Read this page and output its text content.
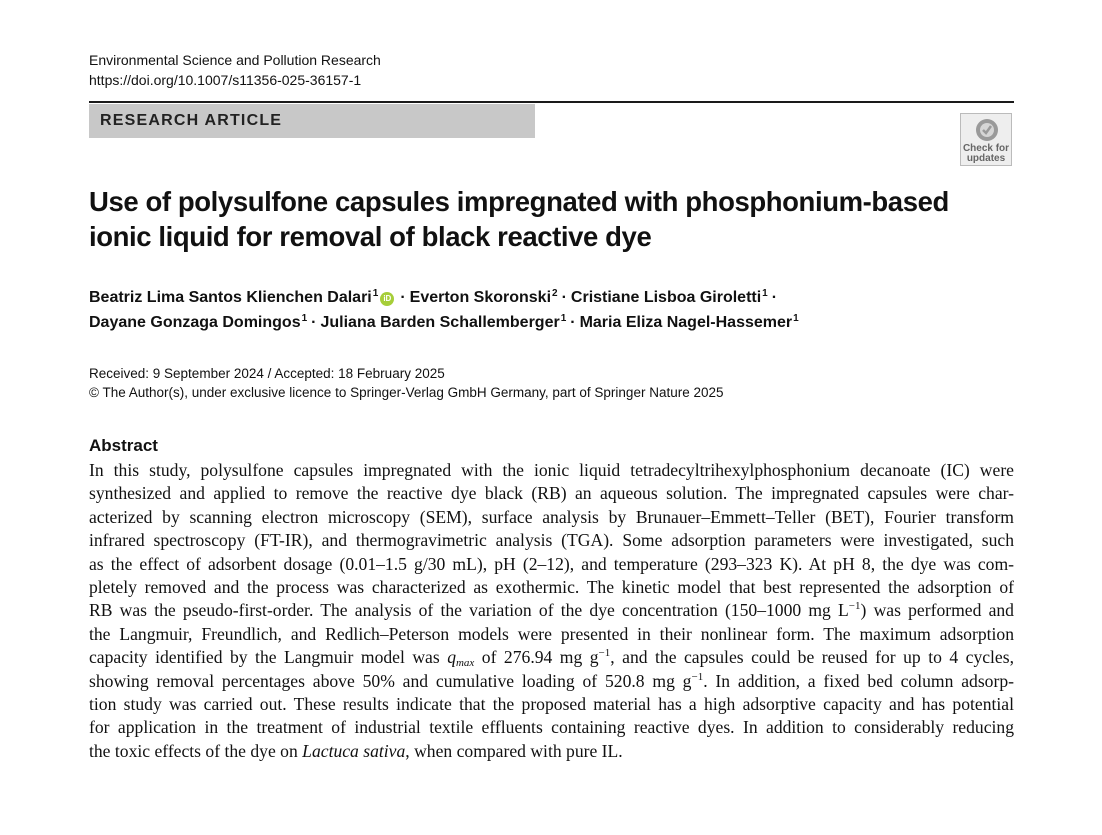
Environmental Science and Pollution Research
https://doi.org/10.1007/s11356-025-36157-1
RESEARCH ARTICLE
Check for
updates
Use of polysulfone capsules impregnated with phosphonium-based
ionic liquid for removal of black reactive dye
Beatriz Lima Santos Klienchen Dalari$^1$ iD · Everton Skoronski$^2$ · Cristiane Lisboa Giroletti$^1$ ·
Dayane Gonzaga Domingos$^1$ · Juliana Barden Schallemberger$^1$ · Maria Eliza Nagel-Hassemer$^1$
Received: 9 September 2024 / Accepted: 18 February 2025
© The Author(s), under exclusive licence to Springer-Verlag GmbH Germany, part of Springer Nature 2025
Abstract
In this study, polysulfone capsules impregnated with the ionic liquid tetradecyltrihexylphosphonium decanoate (IC) were
synthesized and applied to remove the reactive dye black (RB) an aqueous solution. The impregnated capsules were char-
acterized by scanning electron microscopy (SEM), surface analysis by Brunauer–Emmett–Teller (BET), Fourier transform
infrared spectroscopy (FT-IR), and thermogravimetric analysis (TGA). Some adsorption parameters were investigated, such
as the effect of adsorbent dosage (0.01–1.5 g/30 mL), pH (2–12), and temperature (293–323 K). At pH 8, the dye was com-
pletely removed and the process was characterized as exothermic. The kinetic model that best represented the adsorption of
RB was the pseudo-first-order. The analysis of the variation of the dye concentration (150–1000 mg $L^{-1}$) was performed and
the Langmuir, Freundlich, and Redlich–Peterson models were presented in their nonlinear form. The maximum adsorption
capacity identified by the Langmuir model was $q_{max}$ of 276.94 mg $g^{-1}$, and the capsules could be reused for up to 4 cycles,
showing removal percentages above 50% and cumulative loading of 520.8 mg $g^{-1}$. In addition, a fixed bed column adsorp-
tion study was carried out. These results indicate that the proposed material has a high adsorptive capacity and has potential
for application in the treatment of industrial textile effluents containing reactive dyes. In addition to considerably reducing
the toxic effects of the dye on Lactuca sativa, when compared with pure IL.
